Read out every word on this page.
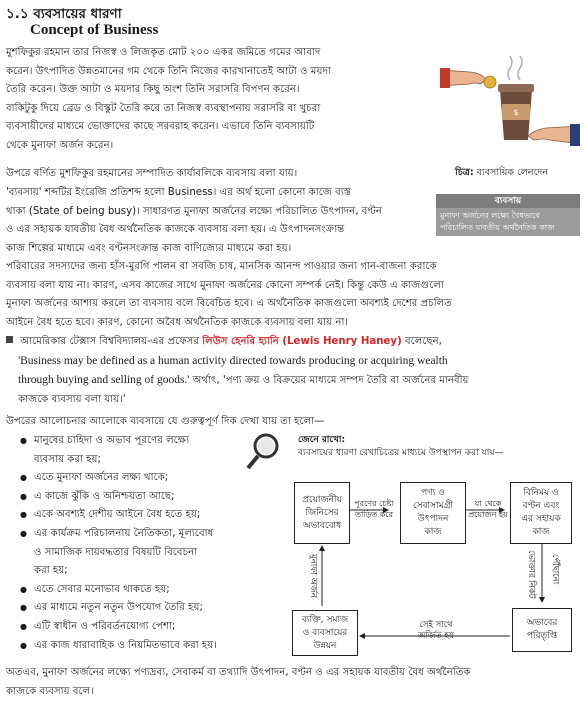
১.১ ব্যবসায়ের ধারণা
Concept of Business
মুশফিকুর রহমান তার নিজস্ব ও লিজকৃত মোট ২০০ একর জমিতে গমের আবাদ
করেন। উৎপাদিত উন্নতমানের গম থেকে তিনি নিজের কারখানাতেই আটা ও ময়দা
তৈরি করেন। উক্ত আটা ও ময়দার কিছু অংশ তিনি সরাসরি বিপণন করেন।
বাকিটুকু দিয়ে ব্রেড ও বিস্কুট তৈরি করে তা নিজস্ব ব্যবস্থাপনায় সরাসরি বা খুচরা
ব্যবসায়ীদের মাধ্যমে ভোক্তাদের কাছে সরবরাহ করেন। এভাবে তিনি ব্যবসায়টি
থেকে মুনাফা অর্জন করেন।
$
চিত্র: ব্যবসায়িক লেনদেন
উপরে বর্ণিত মুশফিকুর রহমানের সম্পাদিত কার্যাবলিকে ব্যবসায় বলা যায়।
'ব্যবসায়' শব্দটির ইংরেজি প্রতিশব্দ হলো Business। এর অর্থ হলো কোনো কাজে ব্যস্ত
থাকা (State of being busy)। সাধারণত মুনাফা অর্জনের লক্ষ্যে পরিচালিত উৎপাদন, বণ্টন
ও এর সহায়ক যাবতীয় বৈধ অর্থনৈতিক কাজকে ব্যবসায় বলা হয়। এ উৎপাদনসংক্রান্ত
কাজ শিল্পের মাধ্যমে এবং বণ্টনসংক্রান্ত কাজ বাণিজ্যের মাধ্যমে করা হয়।
ব্যবসায়
মুনাফা অর্জনের লক্ষ্যে বৈধভাবে
পরিচালিত যাবতীয় অর্থনৈতিক কাজ
পরিবারের সদস্যদের জন্য হাঁস-মুরগি পালন বা সবজি চাষ, মানসিক আনন্দ পাওয়ার জন্য গান-বাজনা করাকে
ব্যবসায় বলা যায় না। কারণ, এসব কাজের সাথে মুনাফা অর্জনের কোনো সম্পর্ক নেই। কিন্তু কেউ এ কাজগুলো
মুনাফা অর্জনের আশায় করলে তা ব্যবসায় বলে বিবেচিত হবে। এ অর্থনৈতিক কাজগুলো অবশ্যই দেশের প্রচলিত
আইনে বৈধ হতে হবে। কারণ, কোনো অবৈধ অর্থনৈতিক কাজকে ব্যবসায় বলা যায় না।
আমেরিকার টেক্সাস বিশ্ববিদ্যালয়-এর প্রফেসর লিউস হেনরি হ্যানি (Lewis Henry Haney) বলেছেন,
'Business may be defined as a human activity directed towards producing or acquiring wealth
through buying and selling of goods.' অর্থাৎ, 'পণ্য ক্রয় ও বিক্রয়ের মাধ্যমে সম্পদ তৈরি বা অর্জনের মানবীয়
কাজকে ব্যবসায় বলা যায়।'
উপরের আলোচনার আলোকে ব্যবসায়ে যে গুরুত্বপূর্ণ দিক দেখা যায় তা হলো—
● মানুষের চাহিদা ও অভাব পূরণের লক্ষ্যে
ব্যবসায় করা হয়;
● এতে মুনাফা অর্জনের লক্ষ্য থাকে;
● এ কাজে ঝুঁকি ও অনিশ্চয়তা আছে;
● একে অবশ্যই দেশীয় আইনে বৈধ হতে হয়;
● এর কার্যক্রম পরিচালনায় নৈতিকতা, মূল্যবোধ
ও সামাজিক দায়বদ্ধতার বিষয়টি বিবেচনা
করা হয়;
● এতে সেবার মনোভাব থাকতে হয়;
● এর মাধ্যমে নতুন নতুন উপযোগ তৈরি হয়;
● এটি স্বাধীন ও পরিবর্তনযোগ্য পেশা;
● এর কাজ ধারাবাহিক ও নিয়মিতভাবে করা হয়।
জেনে রাখো:
ব্যবসায়ের ধারণা রেখাচিত্রের মাধ্যমে উপস্থাপন করা যায়—
প্রয়োজনীয়
জিনিসের
অভাববোধ
পণ্য ও
সেবাসামগ্রী
উৎপাদন
কাজ
বিনিময় ও
বণ্টন এবং
এর সহায়ক
কাজ
অভাবের
পরিতৃপ্তি
ব্যক্তি, সমাজ
ও ব্যবসায়ের
উন্নয়ন
পূরণের চেষ্টা
তাড়িত করে
যা থেকে
প্রয়োজন হয়
ভোক্তার নিকট পৌঁছানো
সেই সাথে
অর্জিত হয়
মুনাফা অর্জন
অতএব, মুনাফা অর্জনের লক্ষ্যে পণ্যদ্রব্য, সেবাকর্ম বা তথ্যাদি উৎপাদন, বণ্টন ও এর সহায়ক যাবতীয় বৈধ অর্থনৈতিক
কাজকে ব্যবসায় বলে।
